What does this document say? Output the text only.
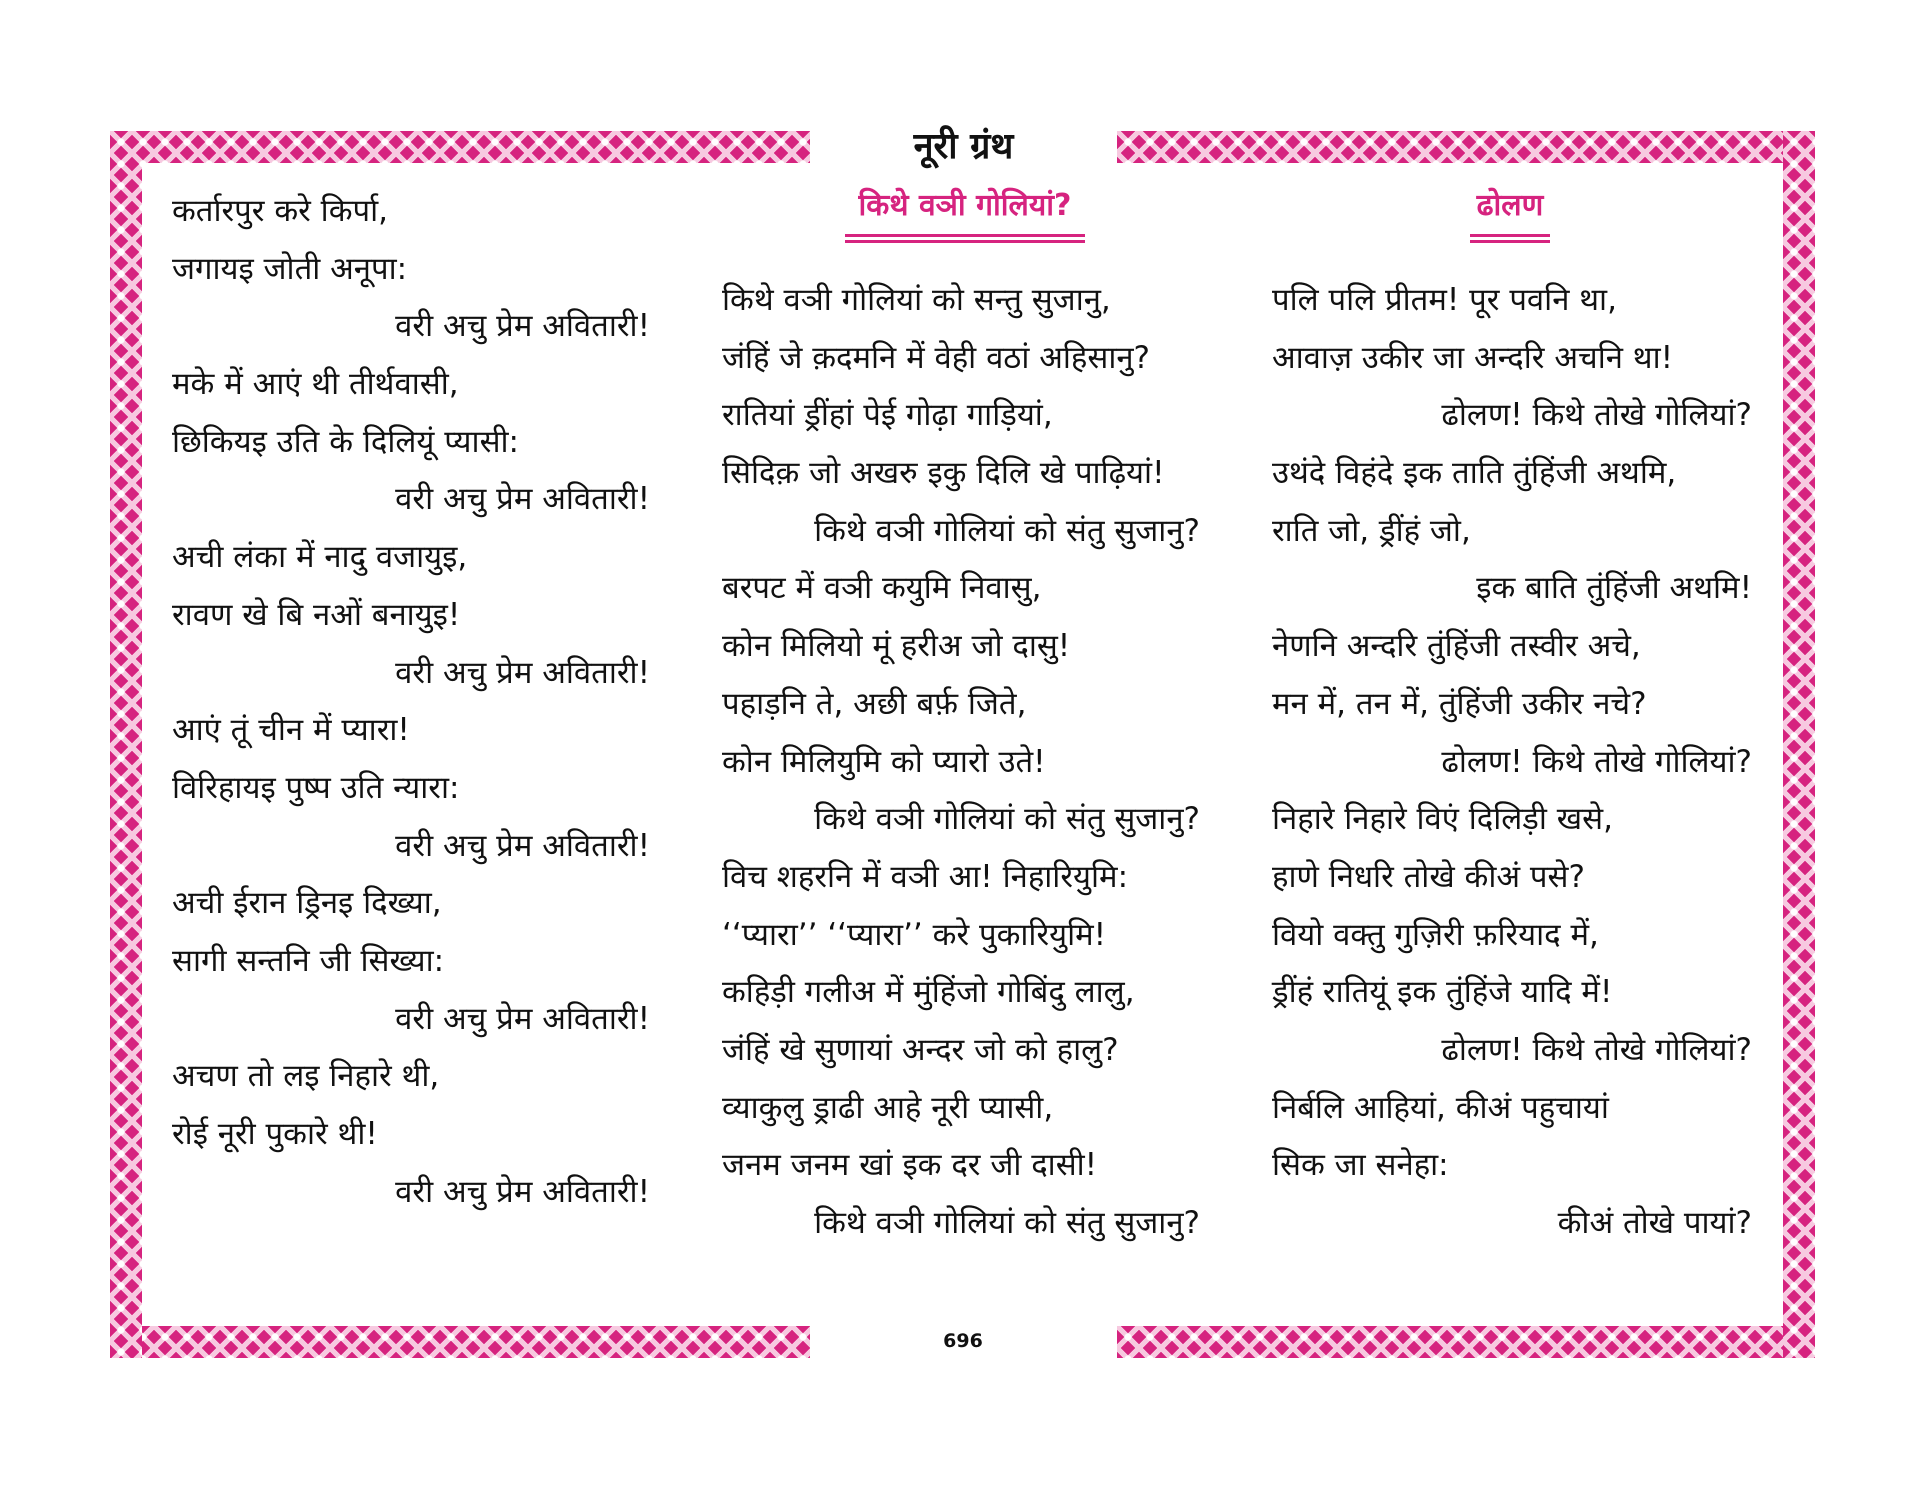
नूरी ग्रंथ
किथे वञी गोलियां?	ढोलण
कर्तारपुर करे किर्पा,
जगायइ जोती अनूपा:
वरी अचु प्रेम अवितारी!
मके में आएं थी तीर्थवासी,
छिकियइ उति के दिलियूं प्यासी:
वरी अचु प्रेम अवितारी!
अची लंका में नादु वजायुइ,
रावण खे बि नओं बनायुइ!
वरी अचु प्रेम अवितारी!
आएं तूं चीन में प्यारा!
विरिहायइ पुष्प उति न्यारा:
वरी अचु प्रेम अवितारी!
अची ईरान ड्रिनइ दिख्या,
सागी सन्तनि जी सिख्या:
वरी अचु प्रेम अवितारी!
अचण तो लइ निहारे थी,
रोई नूरी पुकारे थी!
वरी अचु प्रेम अवितारी!
किथे वञी गोलियां को सन्तु सुजानु,
जंहिं जे क़दमनि में वेही वठां अहिसानु?
रातियां ड्रींहां पेई गोढ़ा गाड़ियां,
सिदिक़ जो अखरु इकु दिलि खे पाढ़ियां!
किथे वञी गोलियां को संतु सुजानु?
बरपट में वञी कयुमि निवासु,
कोन मिलियो मूं हरीअ जो दासु!
पहाड़नि ते, अछी बर्फ़ जिते,
कोन मिलियुमि को प्यारो उते!
किथे वञी गोलियां को संतु सुजानु?
विच शहरनि में वञी आ! निहारियुमि:
‘‘प्यारा’’ ‘‘प्यारा’’ करे पुकारियुमि!
कहिड़ी गलीअ में मुंहिंजो गोबिंदु लालु,
जंहिं खे सुणायां अन्दर जो को हालु?
व्याकुलु ड्राढी आहे नूरी प्यासी,
जनम जनम खां इक दर जी दासी!
किथे वञी गोलियां को संतु सुजानु?
पलि पलि प्रीतम! पूर पवनि था,
आवाज़ उकीर जा अन्दरि अचनि था!
ढोलण! किथे तोखे गोलियां?
उथंदे विहंदे इक ताति तुंहिंजी अथमि,
राति जो, ड्रींहं जो,
इक बाति तुंहिंजी अथमि!
नेणनि अन्दरि तुंहिंजी तस्वीर अचे,
मन में, तन में, तुंहिंजी उकीर नचे?
ढोलण! किथे तोखे गोलियां?
निहारे निहारे विएं दिलिड़ी खसे,
हाणे निधरि तोखे कीअं पसे?
वियो वक्तु गुज़िरी फ़रियाद में,
ड्रींहं रातियूं इक तुंहिंजे यादि में!
ढोलण! किथे तोखे गोलियां?
निर्बलि आहियां, कीअं पहुचायां
सिक जा सनेहा:
कीअं तोखे पायां?
696
